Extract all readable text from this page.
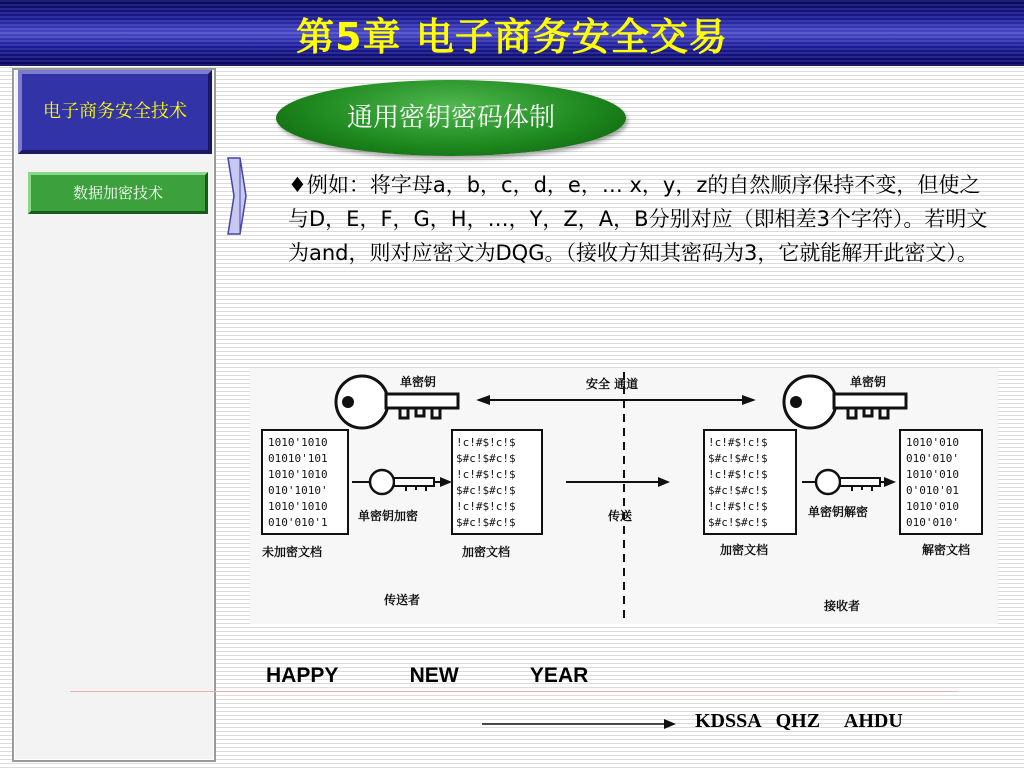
第5章 电子商务安全交易
电子商务安全技术
数据加密技术
通用密钥密码体制
♦例如：将字母a，b，c，d，e，… x，y，z的自然顺序保持不变，但使之与D，E，F，G，H，…，Y，Z，A，B分别对应（即相差3个字符）。若明文为and，则对应密文为DQG。（接收方知其密码为3，它就能解开此密文）。
单密钥	单密钥
安全 通道
1010'1010
01010'101
1010'1010
010'1010'
1010'1010
010'010'1
未加密文档
单密钥加密
!c!#$!c!$
$#c!$#c!$
!c!#$!c!$
$#c!$#c!$
!c!#$!c!$
$#c!$#c!$
加密文档
传送
!c!#$!c!$
$#c!$#c!$
!c!#$!c!$
$#c!$#c!$
!c!#$!c!$
$#c!$#c!$
加密文档
单密钥解密
1010'010
010'010'
1010'010
0'010'01
1010'010
010'010'
解密文档
传送者	接收者
HAPPY  NEW  YEAR
KDSSA   QHZ     AHDU
